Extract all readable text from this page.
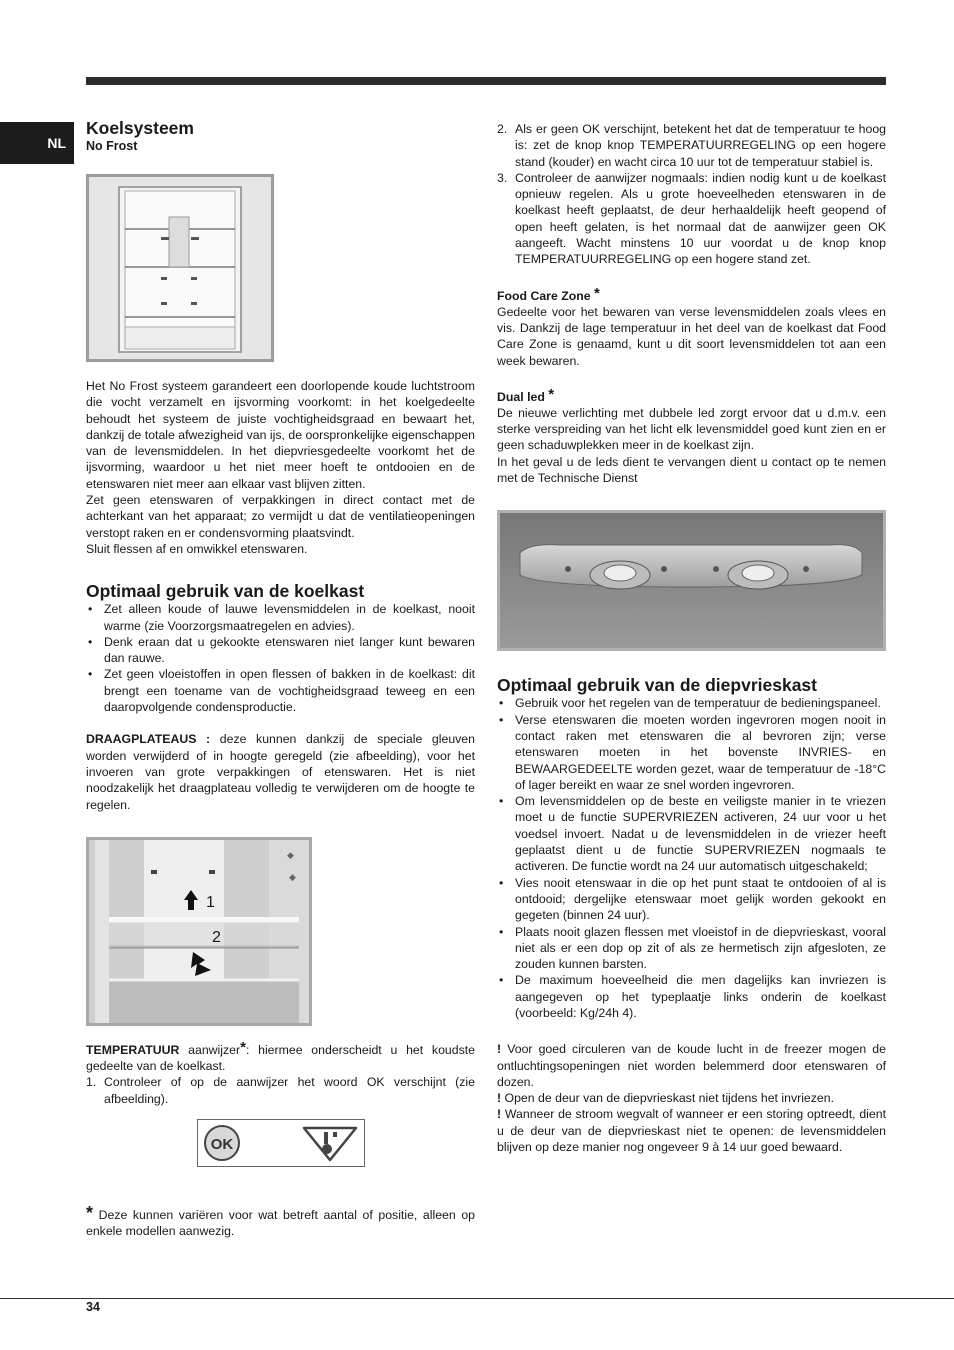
NL
Koelsysteem
No Frost

Het No Frost systeem garandeert een doorlopende koude luchtstroom die vocht verzamelt en ijsvorming voorkomt: in het koelgedeelte behoudt het systeem de juiste vochtigheidsgraad en bewaart het, dankzij de totale afwezigheid van ijs, de oorspronkelijke eigenschappen van de levensmiddelen. In het diepvriesgedeelte voorkomt het de ijsvorming, waardoor u het niet meer hoeft te ontdooien en de etenswaren niet meer aan elkaar vast blijven zitten.

Zet geen etenswaren of verpakkingen in direct contact met de achterkant van het apparaat; zo vermijdt u dat de ventilatieopeningen verstopt raken en er condensvorming plaatsvindt.

Sluit flessen af en omwikkel etenswaren.

Optimaal gebruik van de koelkast
• Zet alleen koude of lauwe levensmiddelen in de koelkast, nooit warme (zie Voorzorgsmaatregelen en advies).
• Denk eraan dat u gekookte etenswaren niet langer kunt bewaren dan rauwe.
• Zet geen vloeistoffen in open flessen of bakken in de koelkast: dit brengt een toename van de vochtigheidsgraad teweeg en een daaropvolgende condensproductie.

DRAAGPLATEAUS : deze kunnen dankzij de speciale gleuven worden verwijderd of in hoogte geregeld (zie afbeelding), voor het invoeren van grote verpakkingen of etenswaren. Het is niet noodzakelijk het draagplateau volledig te verwijderen om de hoogte te regelen.

◆
◆
1
2

TEMPERATUUR aanwijzer*: hiermee onderscheidt u het koudste gedeelte van de koelkast.

1. Controleer of op de aanwijzer het woord OK verschijnt (zie afbeelding).
OK

* Deze kunnen variëren voor wat betreft aantal of positie, alleen op enkele modellen aanwezig.

2. Als er geen OK verschijnt, betekent het dat de temperatuur te hoog is: zet de knop knop TEMPERATUURREGELING op een hogere stand (kouder) en wacht circa 10 uur tot de temperatuur stabiel is.
3. Controleer de aanwijzer nogmaals: indien nodig kunt u de koelkast opnieuw regelen. Als u grote hoeveelheden etenswaren in de koelkast heeft geplaatst, de deur herhaaldelijk heeft geopend of open heeft gelaten, is het normaal dat de aanwijzer geen OK aangeeft. Wacht minstens 10 uur voordat u de knop knop TEMPERATUURREGELING op een hogere stand zet.
Food Care Zone *

Gedeelte voor het bewaren van verse levensmiddelen zoals vlees en vis. Dankzij de lage temperatuur in het deel van de koelkast dat Food Care Zone is genaamd, kunt u dit soort levensmiddelen tot aan een week bewaren.

Dual led *

De nieuwe verlichting met dubbele led zorgt ervoor dat u d.m.v. een sterke verspreiding van het licht elk levensmiddel goed kunt zien en er geen schaduwplekken meer in de koelkast zijn.

In het geval u de leds dient te vervangen dient u contact op te nemen met de Technische Dienst

Optimaal gebruik van de diepvrieskast
• Gebruik voor het regelen van de temperatuur de bedieningspaneel.
• Verse etenswaren die moeten worden ingevroren mogen nooit in contact raken met etenswaren die al bevroren zijn; verse etenswaren moeten in het bovenste INVRIES- en BEWAARGEDEELTE worden gezet, waar de temperatuur de -18°C of lager bereikt en waar ze snel worden ingevroren.
• Om levensmiddelen op de beste en veiligste manier in te vriezen moet u de functie SUPERVRIEZEN activeren, 24 uur voor u het voedsel invoert. Nadat u de levensmiddelen in de vriezer heeft geplaatst dient u de functie SUPERVRIEZEN nogmaals te activeren. De functie wordt na 24 uur automatisch uitgeschakeld;
• Vies nooit etenswaar in die op het punt staat te ontdooien of al is ontdooid; dergelijke etenswaar moet gelijk worden gekookt en gegeten (binnen 24 uur).
• Plaats nooit glazen flessen met vloeistof in de diepvrieskast, vooral niet als er een dop op zit of als ze hermetisch zijn afgesloten, ze zouden kunnen barsten.
• De maximum hoeveelheid die men dagelijks kan invriezen is aangegeven op het typeplaatje links onderin de koelkast (voorbeeld: Kg/24h 4).

! Voor goed circuleren van de koude lucht in de freezer mogen de ontluchtingsopeningen niet worden belemmerd door etenswaren of dozen.

! Open de deur van de diepvrieskast niet tijdens het invriezen.

! Wanneer de stroom wegvalt of wanneer er een storing optreedt, dient u de deur van de diepvrieskast niet te openen: de levensmiddelen blijven op deze manier nog ongeveer 9 à 14 uur goed bewaard.

34
